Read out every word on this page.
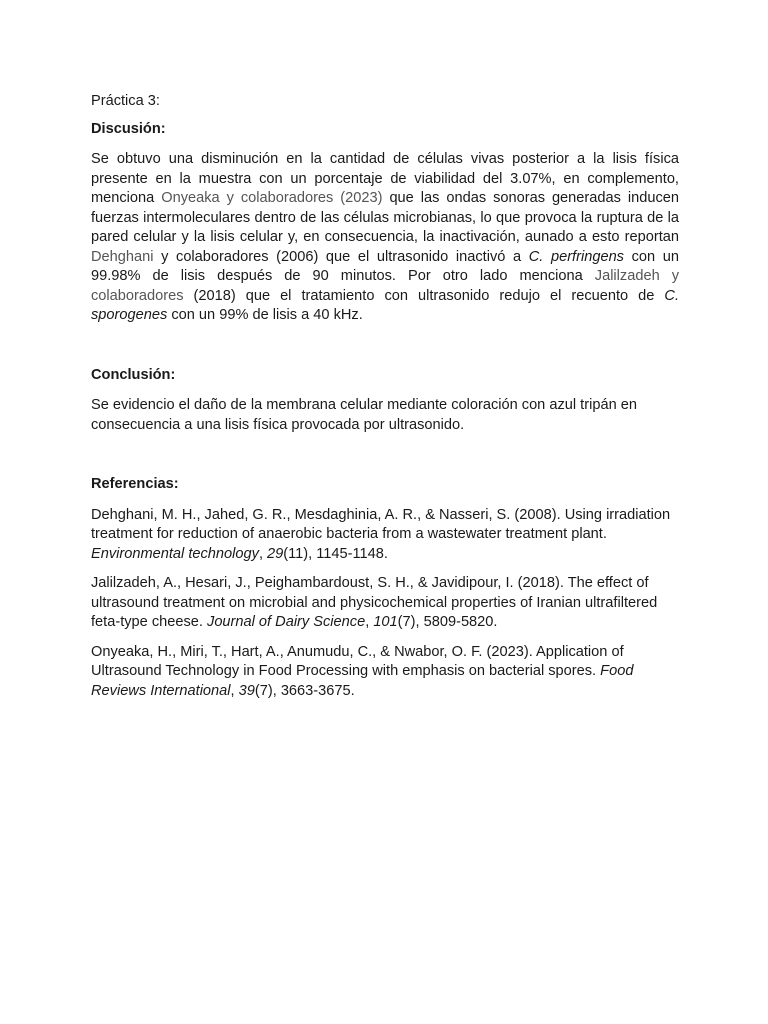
Práctica 3:

Discusión:

Se obtuvo una disminución en la cantidad de células vivas posterior a la lisis física presente en la muestra con un porcentaje de viabilidad del 3.07%, en complemento, menciona Onyeaka y colaboradores (2023) que las ondas sonoras generadas inducen fuerzas intermoleculares dentro de las células microbianas, lo que provoca la ruptura de la pared celular y la lisis celular y, en consecuencia, la inactivación, aunado a esto reportan Dehghani y colaboradores (2006) que el ultrasonido inactivó a C. perfringens con un 99.98% de lisis después de 90 minutos. Por otro lado menciona Jalilzadeh y colaboradores (2018) que el tratamiento con ultrasonido redujo el recuento de C. sporogenes con un 99% de lisis a 40 kHz.

Conclusión:

Se evidencio el daño de la membrana celular mediante coloración con azul tripán en consecuencia a una lisis física provocada por ultrasonido.

Referencias:

Dehghani, M. H., Jahed, G. R., Mesdaghinia, A. R., & Nasseri, S. (2008). Using irradiation treatment for reduction of anaerobic bacteria from a wastewater treatment plant. Environmental technology, 29(11), 1145-1148.

Jalilzadeh, A., Hesari, J., Peighambardoust, S. H., & Javidipour, I. (2018). The effect of ultrasound treatment on microbial and physicochemical properties of Iranian ultrafiltered feta-type cheese. Journal of Dairy Science, 101(7), 5809-5820.

Onyeaka, H., Miri, T., Hart, A., Anumudu, C., & Nwabor, O. F. (2023). Application of Ultrasound Technology in Food Processing with emphasis on bacterial spores. Food Reviews International, 39(7), 3663-3675.
